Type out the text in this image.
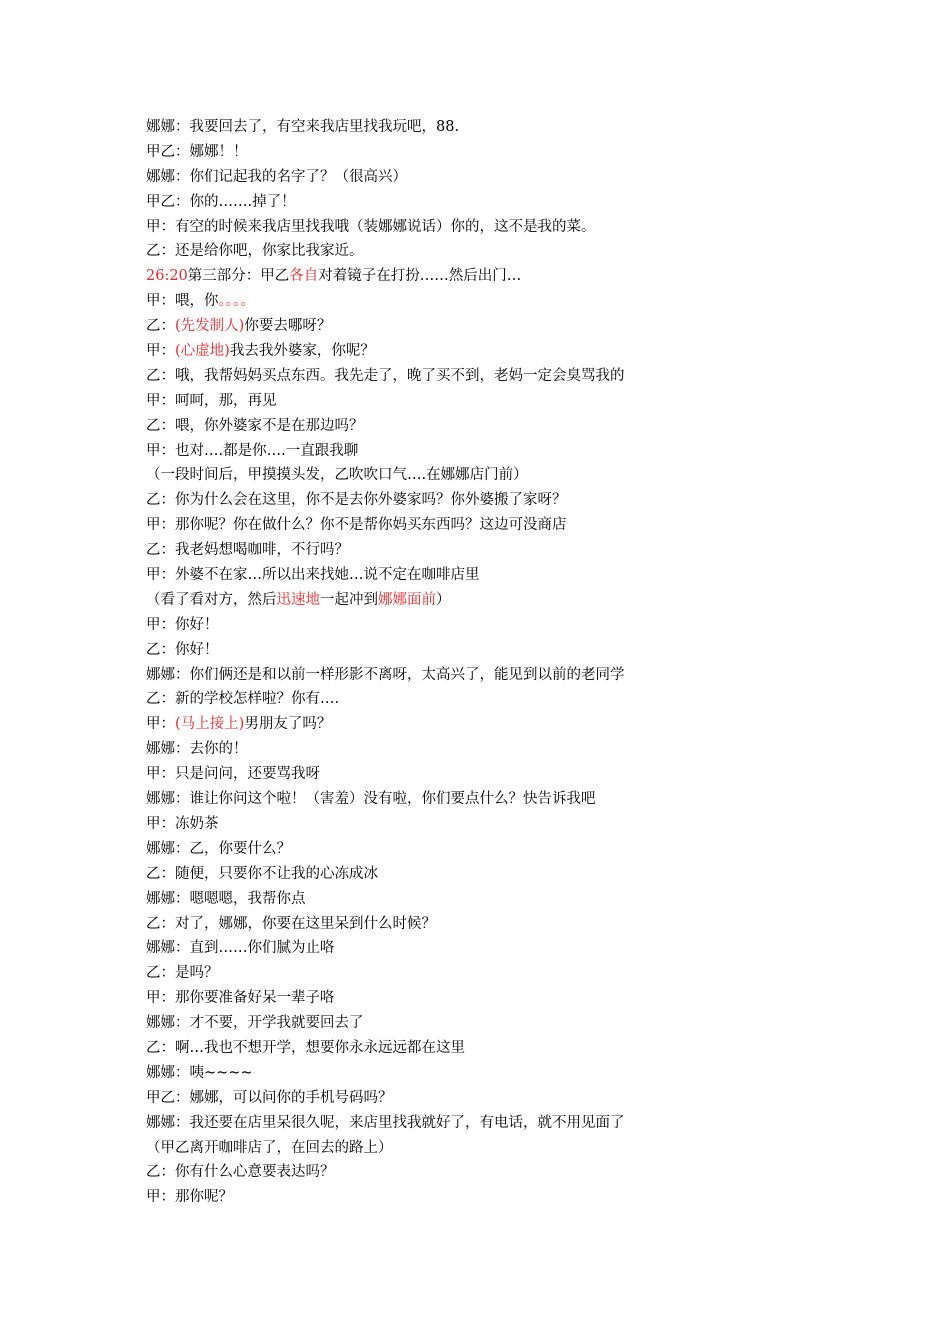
娜娜：我要回去了，有空来我店里找我玩吧，88.
甲乙：娜娜！！
娜娜：你们记起我的名字了？（很高兴）
甲乙：你的…….掉了！
甲：有空的时候来我店里找我哦（装娜娜说话）你的，这不是我的菜。
乙：还是给你吧，你家比我家近。
26:20第三部分：甲乙各自对着镜子在打扮……然后出门…
甲：喂，你。。。。
乙：(先发制人)你要去哪呀？
甲：(心虚地)我去我外婆家，你呢？
乙：哦，我帮妈妈买点东西。我先走了，晚了买不到，老妈一定会臭骂我的
甲：呵呵，那，再见
乙：喂，你外婆家不是在那边吗？
甲：也对….都是你….一直跟我聊
（一段时间后，甲摸摸头发，乙吹吹口气….在娜娜店门前）
乙：你为什么会在这里，你不是去你外婆家吗？你外婆搬了家呀？
甲：那你呢？你在做什么？你不是帮你妈买东西吗？这边可没商店
乙：我老妈想喝咖啡，不行吗？
甲：外婆不在家…所以出来找她…说不定在咖啡店里
（看了看对方，然后迅速地一起冲到娜娜面前）
甲：你好！
乙：你好！
娜娜：你们俩还是和以前一样形影不离呀，太高兴了，能见到以前的老同学
乙：新的学校怎样啦？你有….
甲：(马上接上)男朋友了吗？
娜娜：去你的！
甲：只是问问，还要骂我呀
娜娜：谁让你问这个啦！（害羞）没有啦，你们要点什么？快告诉我吧
甲：冻奶茶
娜娜：乙，你要什么？
乙：随便，只要你不让我的心冻成冰
娜娜：嗯嗯嗯，我帮你点
乙：对了，娜娜，你要在这里呆到什么时候？
娜娜：直到……你们腻为止咯
乙：是吗？
甲：那你要准备好呆一辈子咯
娜娜：才不要，开学我就要回去了
乙：啊…我也不想开学，想要你永永远远都在这里
娜娜：咦~~~~
甲乙：娜娜，可以问你的手机号码吗？
娜娜：我还要在店里呆很久呢，来店里找我就好了，有电话，就不用见面了
（甲乙离开咖啡店了，在回去的路上）
乙：你有什么心意要表达吗？
甲：那你呢？
